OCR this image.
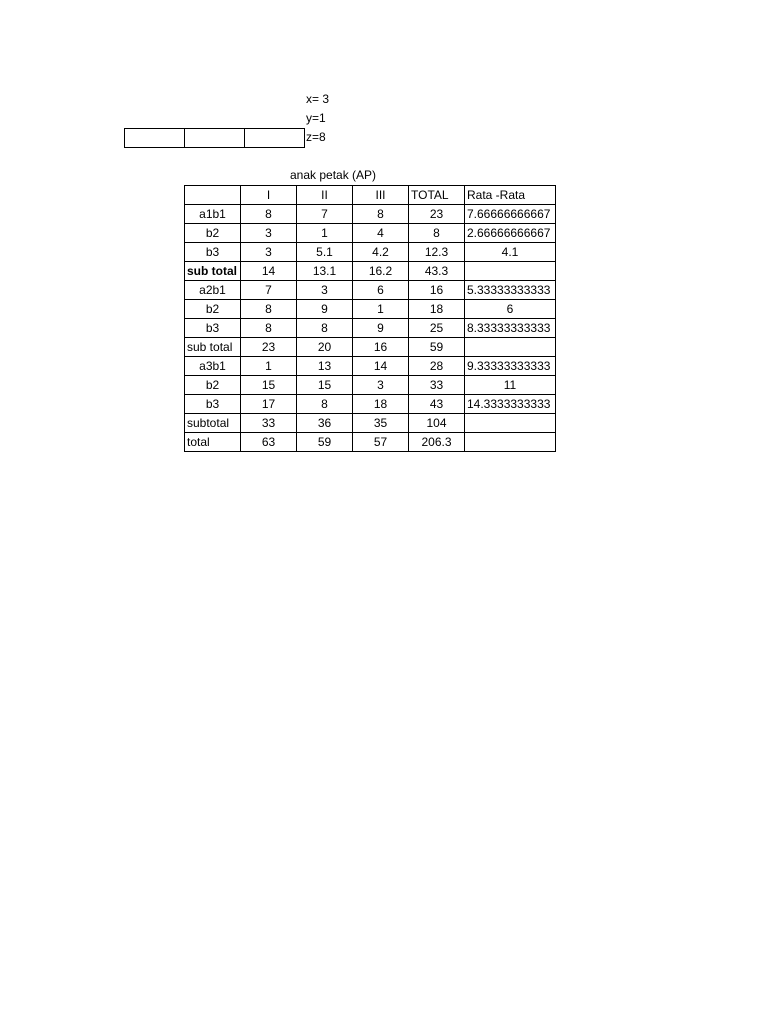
x= 3
y=1
z=8

anak petak (AP)
	I	II	III	TOTAL	Rata -Rata
a1b1	8	7	8	23	7.66666666667
b2	3	1	4	8	2.66666666667
b3	3	5.1	4.2	12.3	4.1
sub total	14	13.1	16.2	43.3	
a2b1	7	3	6	16	5.33333333333
b2	8	9	1	18	6
b3	8	8	9	25	8.33333333333
sub total	23	20	16	59	
a3b1	1	13	14	28	9.33333333333
b2	15	15	3	33	11
b3	17	8	18	43	14.3333333333
subtotal	33	36	35	104	
total	63	59	57	206.3	
